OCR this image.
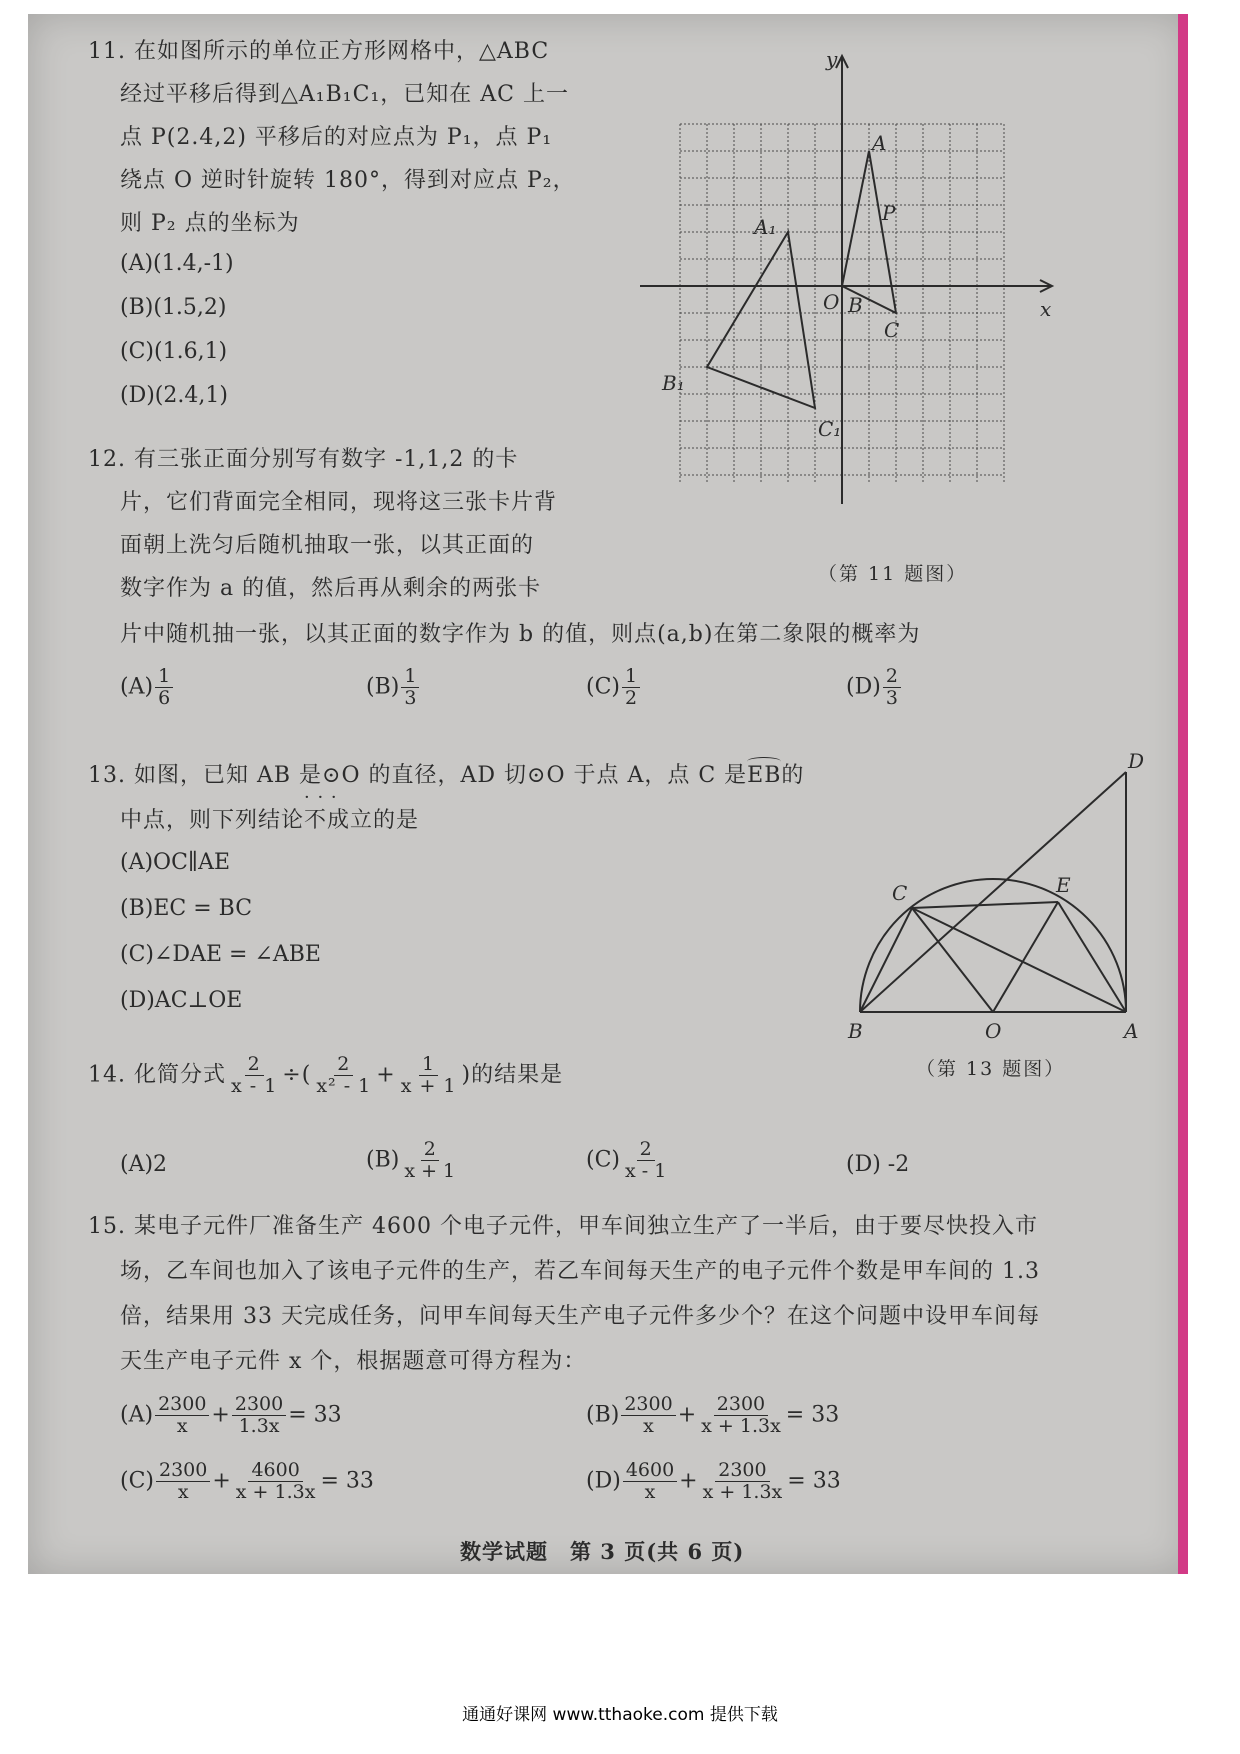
11. 在如图所示的单位正方形网格中，△ABC
经过平移后得到△A₁B₁C₁，已知在 AC 上一
点 P(2.4,2) 平移后的对应点为 P₁，点 P₁
绕点 O 逆时针旋转 180°，得到对应点 P₂，
则 P₂ 点的坐标为
(A)(1.4,-1)
(B)(1.5,2)
(C)(1.6,1)
(D)(2.4,1)
y
x
O
A
P
B
C
A₁
B₁
C₁
（第 11 题图）
12. 有三张正面分别写有数字 -1,1,2 的卡
片，它们背面完全相同，现将这三张卡片背
面朝上洗匀后随机抽取一张，以其正面的
数字作为 a 的值，然后再从剩余的两张卡
片中随机抽一张，以其正面的数字作为 b 的值，则点(a,b)在第二象限的概率为
$(A) \frac{1}{6}$	$(B) \frac{1}{3}$	$(C) \frac{1}{2}$	$(D) \frac{2}{3}$
13. 如图，已知 AB 是⊙O 的直径，AD 切⊙O 于点 A，点 C 是EB的
中点，则下列结论不成立 · · ·的是
(A)OC∥AE
(B)EC = BC
(C)∠DAE = ∠ABE
(D)AC⊥OE
D
C	E
B	O	A
（第 13 题图）
14. 化简分式 $\frac{2}{x - 1}$ ÷( $\frac{2}{\text{x² - 1}} + \frac{1}{x + 1}$ )的结果是
(A)2	$(B) \frac{2}{x + 1}$	$(C) \frac{2}{x - 1}$	(D) -2
15. 某电子元件厂准备生产 4600 个电子元件，甲车间独立生产了一半后，由于要尽快投入市
场，乙车间也加入了该电子元件的生产，若乙车间每天生产的电子元件个数是甲车间的 1.3
倍，结果用 33 天完成任务，问甲车间每天生产电子元件多少个？在这个问题中设甲车间每
天生产电子元件 x 个，根据题意可得方程为：
$(A) \frac{2300}{x} + \frac{2300}{1.3x} = 33$	$(B) \frac{2300}{x} + \frac{2300}{x + 1.3x} = 33$
$(C) \frac{2300}{x} + \frac{4600}{x + 1.3x} = 33$	$(D) \frac{4600}{x} + \frac{2300}{x + 1.3x} = 33$
数学试题　第 3 页(共 6 页)
通通好课网 www.tthaoke.com 提供下载
